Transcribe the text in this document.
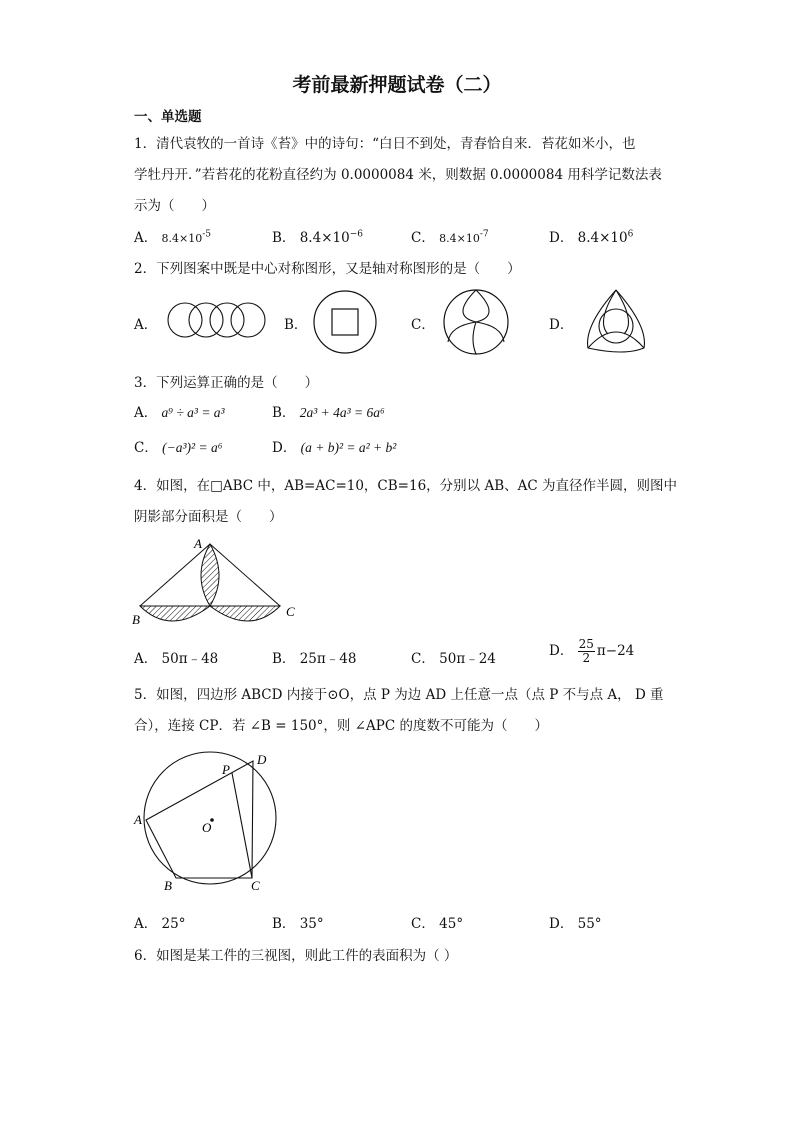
考前最新押题试卷（二）
一、单选题
1．清代袁牧的一首诗《苔》中的诗句：“白日不到处，青春恰自来．苔花如米小，也
学牡丹开．”若苔花的花粉直径约为 0.0000084 米，则数据 0.0000084 用科学记数法表
示为（　　）
A． $8.4\times 10^{-5}$	B． $8.4\times 10^{-6}$	C． $8.4\times 10^{-7}$	D． $8.4\times 10^6$
2．下列图案中既是中心对称图形，又是轴对称图形的是（　　）
A．	B．	C．	D．
3．下列运算正确的是（　　）
A． a⁹ ÷ a³ = a³	B． 2a³ + 4a³ = 6a⁶
C． (−a³)² = a⁶	D． (a + b)² = a² + b²
4．如图，在□ABC 中，AB=AC=10，CB=16，分别以 AB、AC 为直径作半圆，则图中
阴影部分面积是（　　）
A
B
C
A． 50π﹣48	B． 25π﹣48	C． 50π﹣24	D． $\frac{25}{2} \pi-24$
5．如图，四边形 ABCD 内接于⊙O，点 P 为边 AD 上任意一点（点 P 不与点 A， D 重
合），连接 CP．若 ∠B = 150°，则 ∠APC 的度数不可能为（　　）
A
B	C
D
P
O
A． 25°	B． 35°	C． 45°	D． 55°
6．如图是某工件的三视图，则此工件的表面积为（ ）
